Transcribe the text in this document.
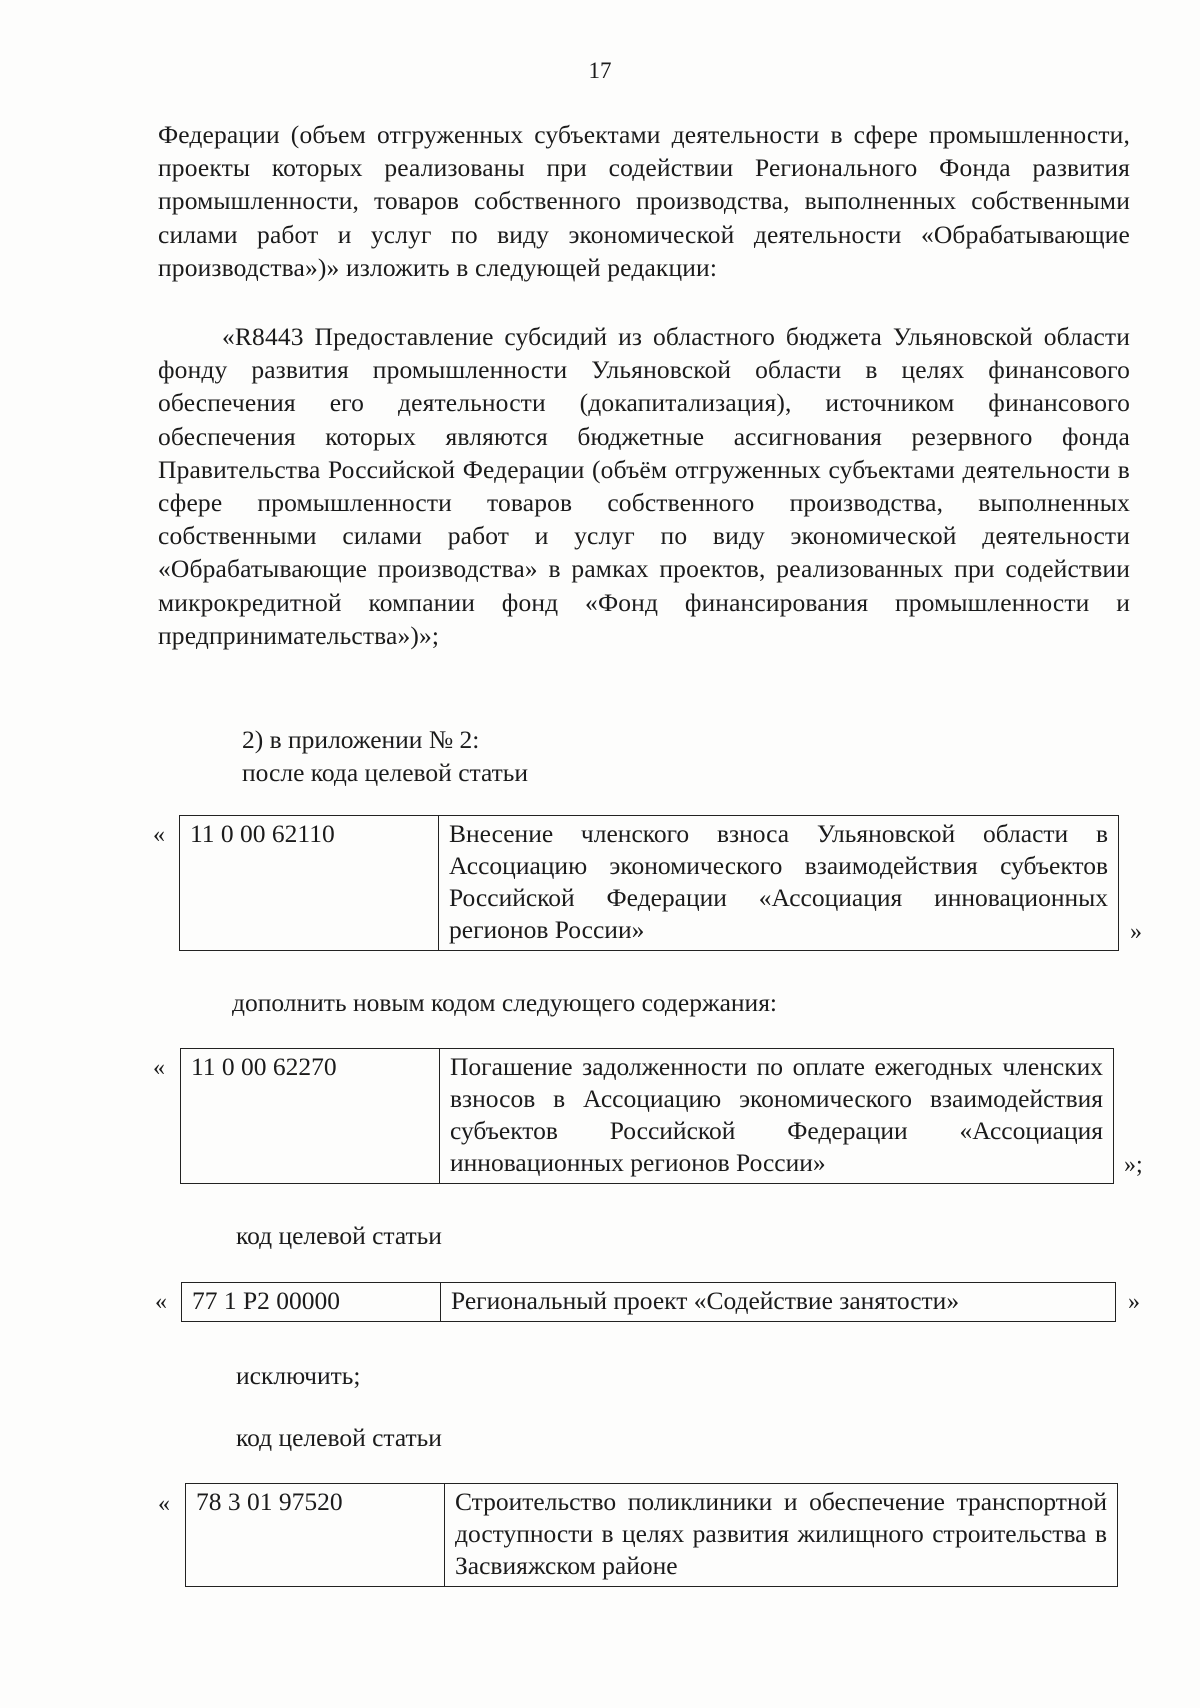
17
Федерации (объем отгруженных субъектами деятельности в сфере промышленности, проекты которых реализованы при содействии Регионального Фонда развития промышленности, товаров собственного производства, выполненных собственными силами работ и услуг по виду экономической деятельности «Обрабатывающие производства»)» изложить в следующей редакции:
«R8443 Предоставление субсидий из областного бюджета Ульяновской области фонду развития промышленности Ульяновской области в целях финансового обеспечения его деятельности (докапитализация), источником финансового обеспечения которых являются бюджетные ассигнования резервного фонда Правительства Российской Федерации (объём отгруженных субъектами деятельности в сфере промышленности товаров собственного производства, выполненных собственными силами работ и услуг по виду экономической деятельности «Обрабатывающие производства» в рамках проектов, реализованных при содействии микрокредитной компании фонд «Фонд финансирования промышленности и предпринимательства»)»;
2) в приложении № 2:
после кода целевой статьи
« 11 0 00 62110	Внесение членского взноса Ульяновской области в Ассоциацию экономического взаимодействия субъектов Российской Федерации «Ассоциация инновационных регионов России»	»
дополнить новым кодом следующего содержания:
« 11 0 00 62270	Погашение задолженности по оплате ежегодных членских взносов в Ассоциацию экономического взаимодействия субъектов Российской Федерации «Ассоциация инновационных регионов России»	»;
код целевой статьи
« 77 1 P2 00000	Региональный проект «Содействие занятости»	»
исключить;
код целевой статьи
« 78 3 01 97520	Строительство поликлиники и обеспечение транспортной доступности в целях развития жилищного строительства в Засвияжском районе
